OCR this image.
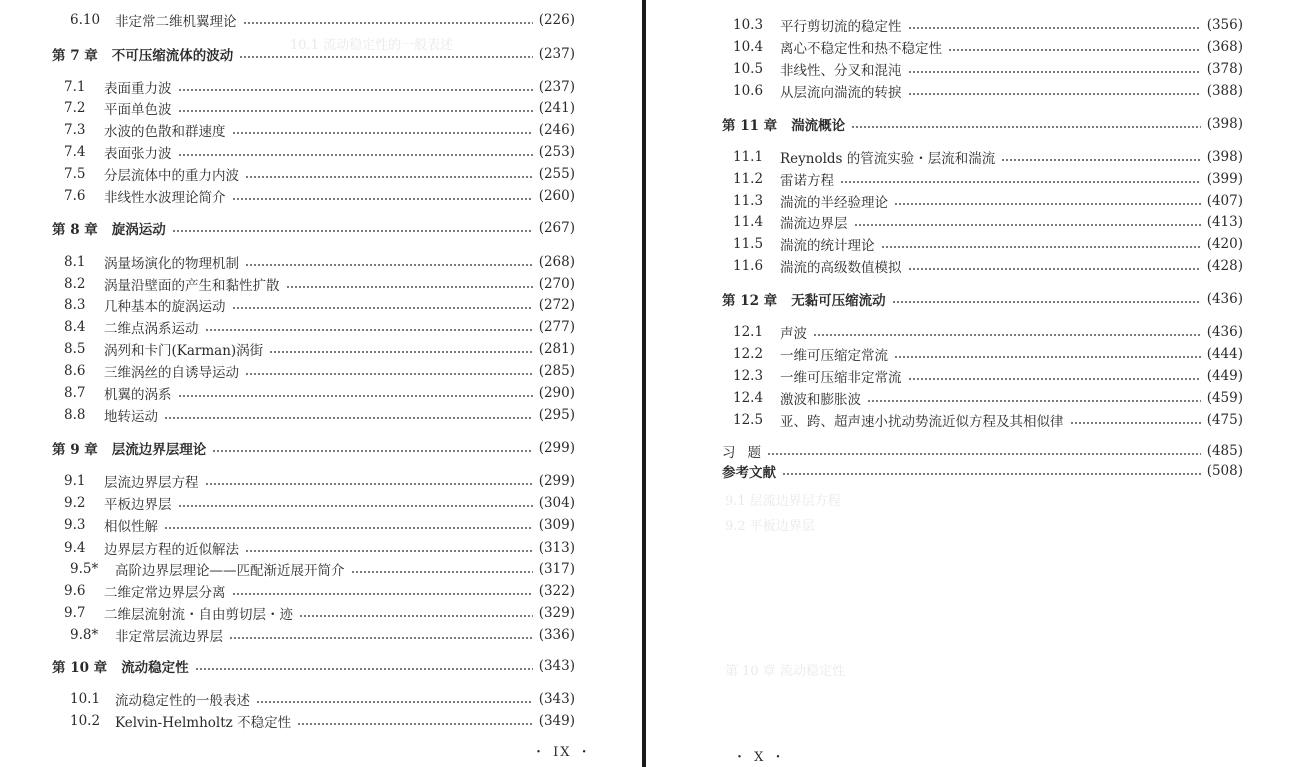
6.10	非定常二维机翼理论	(226)
第 7 章 不可压缩流体的波动	(237)
7.1	表面重力波	(237)
7.2	平面单色波	(241)
7.3	水波的色散和群速度	(246)
7.4	表面张力波	(253)
7.5	分层流体中的重力内波	(255)
7.6	非线性水波理论简介	(260)
第 8 章 旋涡运动	(267)
8.1	涡量场演化的物理机制	(268)
8.2	涡量沿壁面的产生和黏性扩散	(270)
8.3	几种基本的旋涡运动	(272)
8.4	二维点涡系运动	(277)
8.5	涡列和卡门(Karman)涡街	(281)
8.6	三维涡丝的自诱导运动	(285)
8.7	机翼的涡系	(290)
8.8	地转运动	(295)
第 9 章 层流边界层理论	(299)
9.1	层流边界层方程	(299)
9.2	平板边界层	(304)
9.3	相似性解	(309)
9.4	边界层方程的近似解法	(313)
9.5*	高阶边界层理论——匹配渐近展开简介	(317)
9.6	二维定常边界层分离	(322)
9.7	二维层流射流・自由剪切层・迹	(329)
9.8*	非定常层流边界层	(336)
第 10 章 流动稳定性	(343)
10.1	流动稳定性的一般表述	(343)
10.2	Kelvin-Helmholtz 不稳定性	(349)
10.3	平行剪切流的稳定性	(356)
10.4	离心不稳定性和热不稳定性	(368)
10.5	非线性、分叉和混沌	(378)
10.6	从层流向湍流的转捩	(388)
第 11 章 湍流概论	(398)
11.1	Reynolds 的管流实验・层流和湍流	(398)
11.2	雷诺方程	(399)
11.3	湍流的半经验理论	(407)
11.4	湍流边界层	(413)
11.5	湍流的统计理论	(420)
11.6	湍流的高级数值模拟	(428)
第 12 章 无黏可压缩流动	(436)
12.1	声波	(436)
12.2	一维可压缩定常流	(444)
12.3	一维可压缩非定常流	(449)
12.4	激波和膨胀波	(459)
12.5	亚、跨、超声速小扰动势流近似方程及其相似律	(475)
习 题	(485)
参考文献	(508)
10.1 流动稳定性的一般表述
9.1 层流边界层方程
9.2 平板边界层
第 10 章 流动稳定性
・ IX ・	・ X ・
